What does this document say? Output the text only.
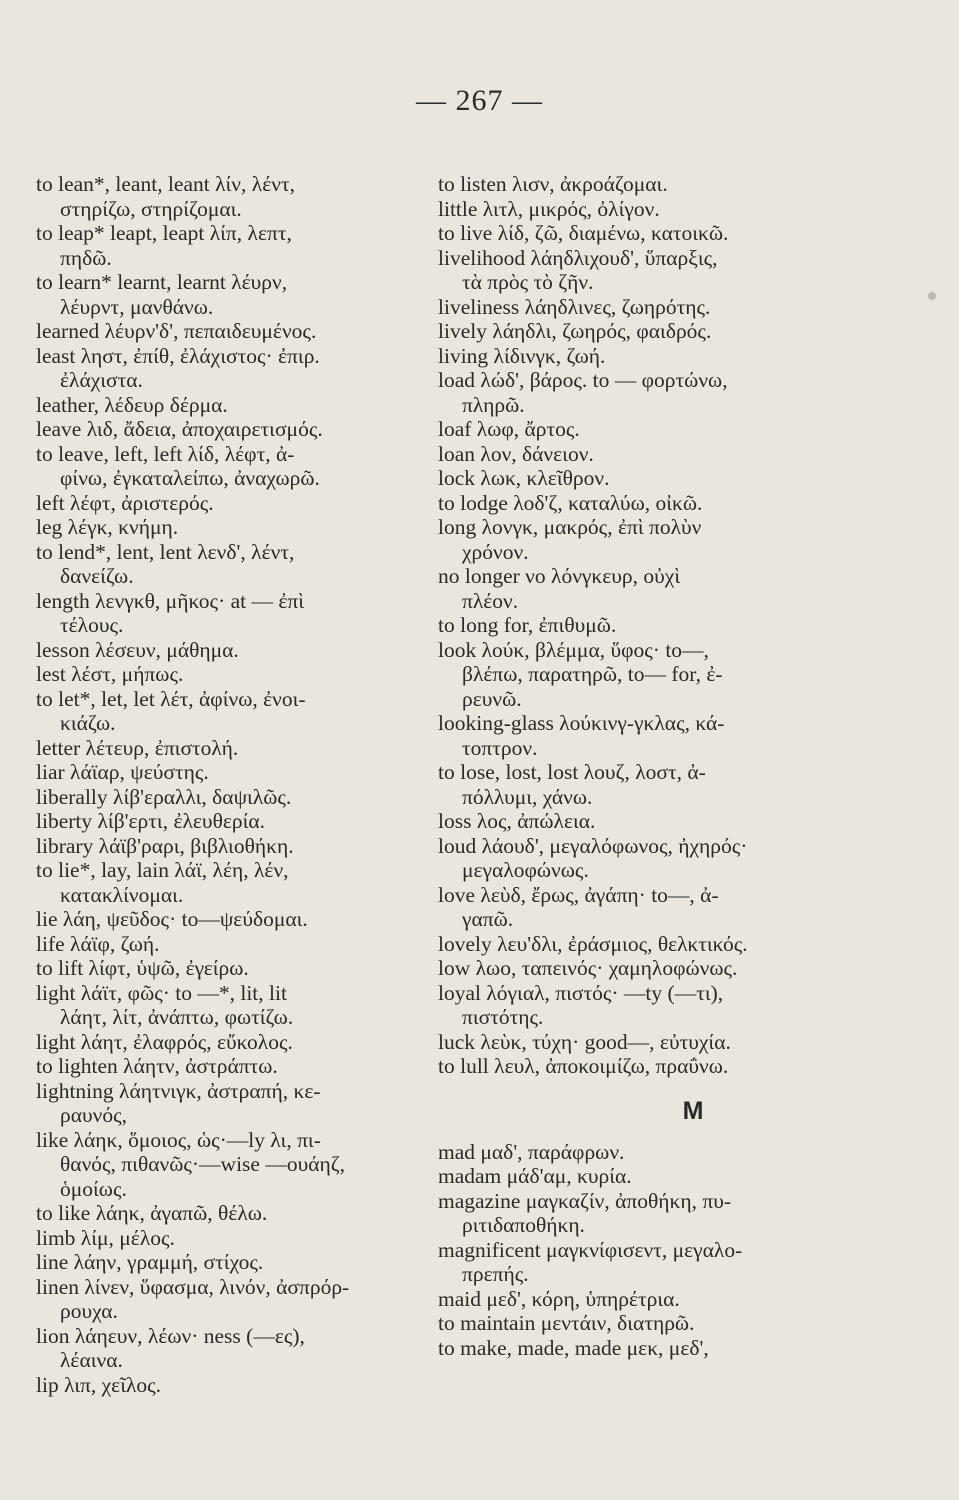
— 267 —
to lean*, leant, leant λίν, λέντ,
στηρίζω, στηρίζομαι.
to leap* leapt, leapt λίπ, λεπτ,
πηδῶ.
to learn* learnt, learnt λέυρν,
λέυρντ, μανθάνω.
learned λέυρν'δ', πεπαιδευμένος.
least ληστ, ἐπίθ, ἐλάχιστος· ἐπιρ.
ἐλάχιστα.
leather, λέδευρ δέρμα.
leave λιδ, ἄδεια, ἀποχαιρετισμός.
to leave, left, left λίδ, λέφτ, ἀ-
φίνω, ἐγκαταλείπω, ἀναχωρῶ.
left λέφτ, ἀριστερός.
leg λέγκ, κνήμη.
to lend*, lent, lent λενδ', λέντ,
δανείζω.
length λενγκθ, μῆκος· at — ἐπὶ
τέλους.
lesson λέσευν, μάθημα.
lest λέστ, μήπως.
to let*, let, let λέτ, ἀφίνω, ἐνοι-
κιάζω.
letter λέτευρ, ἐπιστολή.
liar λάϊαρ, ψεύστης.
liberally λίβ'εραλλι, δαψιλῶς.
liberty λίβ'ερτι, ἐλευθερία.
library λάϊβ'ραρι, βιβλιοθήκη.
to lie*, lay, lain λάϊ, λέη, λέν,
κατακλίνομαι.
lie λάη, ψεῦδος· to—ψεύδομαι.
life λάϊφ, ζωή.
to lift λίφτ, ὑψῶ, ἐγείρω.
light λάϊτ, φῶς· to —*, lit, lit
λάητ, λίτ, ἀνάπτω, φωτίζω.
light λάητ, ἐλαφρός, εὔκολος.
to lighten λάητν, ἀστράπτω.
lightning λάητνιγκ, ἀστραπή, κε-
ραυνός,
like λάηκ, ὅμοιος, ὡς·—ly λι, πι-
θανός, πιθανῶς·—wise —ουάηζ,
ὁμοίως.
to like λάηκ, ἀγαπῶ, θέλω.
limb λίμ, μέλος.
line λάην, γραμμή, στίχος.
linen λίνεν, ὕφασμα, λινόν, ἀσπρόρ-
ρουχα.
lion λάηευν, λέων· ness (—ες),
λέαινα.
lip λιπ, χεῖλος.
to listen λισν, ἀκροάζομαι.
little λιτλ, μικρός, ὀλίγον.
to live λίδ, ζῶ, διαμένω, κατοικῶ.
livelihood λάηδλιχουδ', ὕπαρξις,
τὰ πρὸς τὸ ζῆν.
liveliness λάηδλινες, ζωηρότης.
lively λάηδλι, ζωηρός, φαιδρός.
living λίδινγκ, ζωή.
load λώδ', βάρος. to — φορτώνω,
πληρῶ.
loaf λωφ, ἄρτος.
loan λον, δάνειον.
lock λωκ, κλεῖθρον.
to lodge λοδ'ζ, καταλύω, οἰκῶ.
long λονγκ, μακρός, ἐπὶ πολὺν
χρόνον.
no longer νο λόνγκευρ, οὐχὶ
πλέον.
to long for, ἐπιθυμῶ.
look λούκ, βλέμμα, ὕφος· to—,
βλέπω, παρατηρῶ, to— for, ἐ-
ρευνῶ.
looking-glass λούκινγ-γκλας, κά-
τοπτρον.
to lose, lost, lost λουζ, λοστ, ἀ-
πόλλυμι, χάνω.
loss λος, ἀπώλεια.
loud λάουδ', μεγαλόφωνος, ἠχηρός·
μεγαλοφώνως.
love λεὺδ, ἔρως, ἀγάπη· to—, ἀ-
γαπῶ.
lovely λευ'δλι, ἐράσμιος, θελκτικός.
low λωο, ταπεινός· χαμηλοφώνως.
loyal λόγιαλ, πιστός· —ty (—τι),
πιστότης.
luck λεὺκ, τύχη· good—, εὐτυχία.
to lull λευλ, ἀποκοιμίζω, πραΰνω.
M
mad μαδ', παράφρων.
madam μάδ'αμ, κυρία.
magazine μαγκαζίν, ἀποθήκη, πυ-
ριτιδαποθήκη.
magnificent μαγκνίφισεντ, μεγαλο-
πρεπής.
maid μεδ', κόρη, ὑπηρέτρια.
to maintain μεντάιν, διατηρῶ.
to make, made, made μεκ, μεδ',
